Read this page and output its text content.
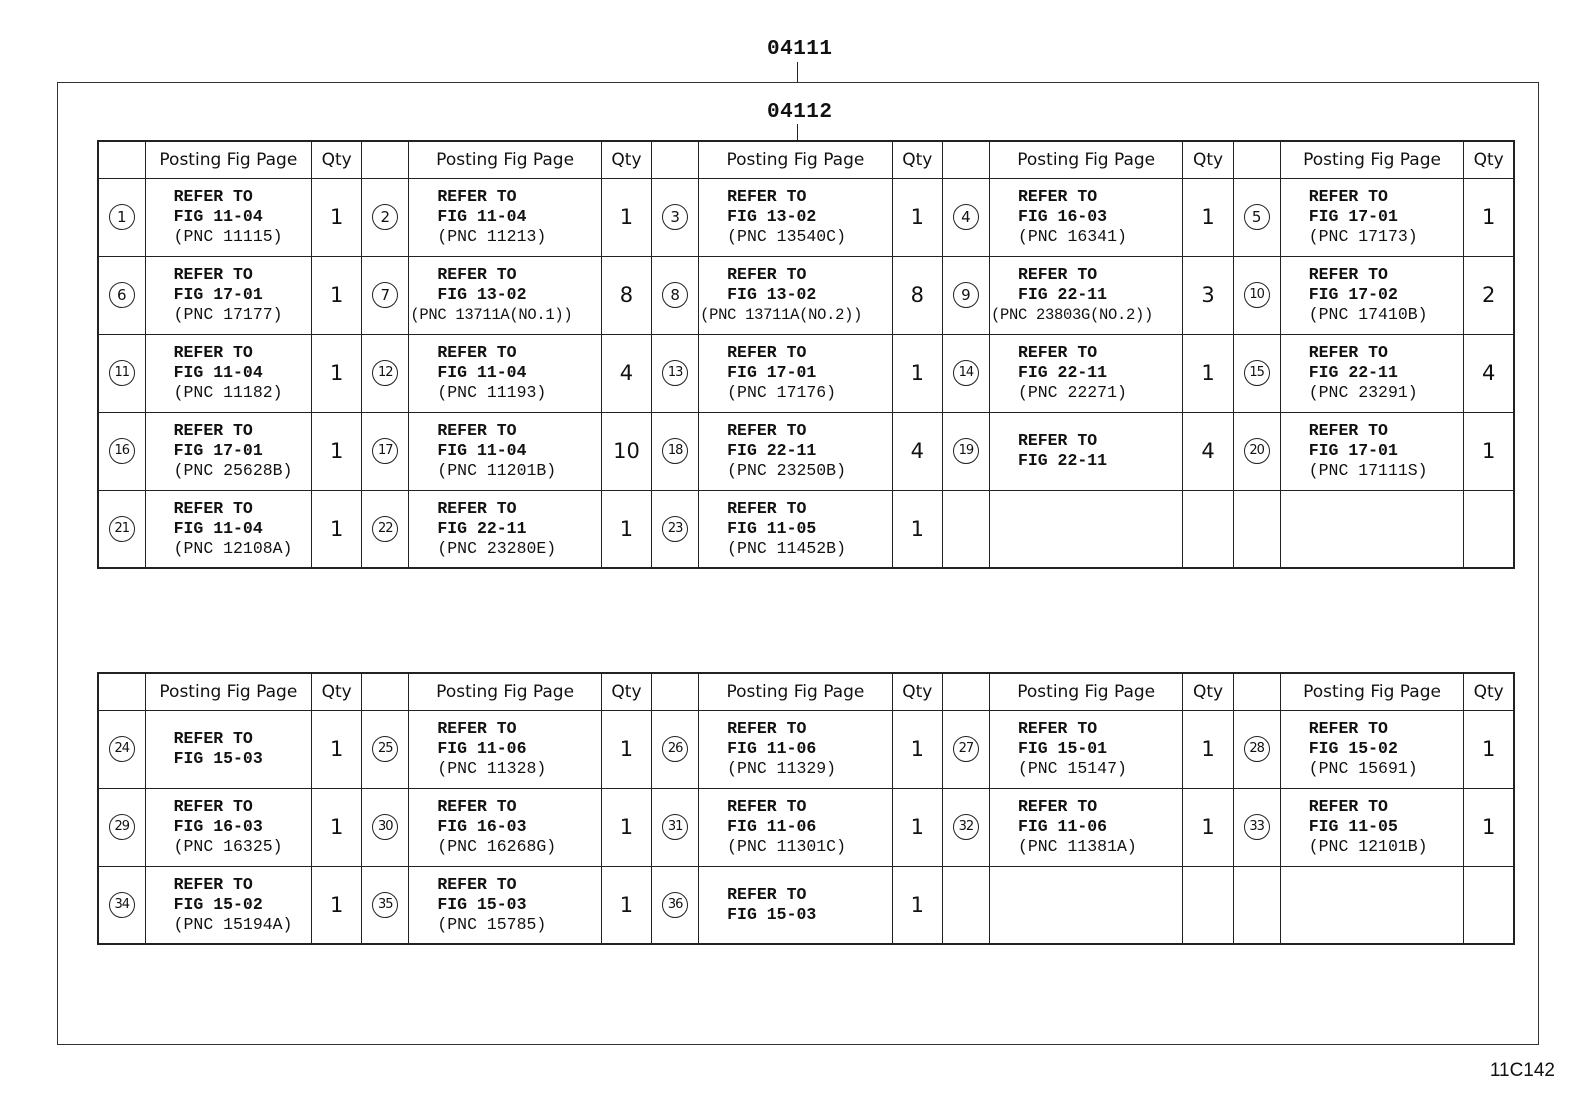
04111
04112
	Posting Fig Page	Qty		Posting Fig Page	Qty		Posting Fig Page	Qty		Posting Fig Page	Qty		Posting Fig Page	Qty
1	REFER TO
FIG 11-04
(PNC 11115)	1	2	REFER TO
FIG 11-04
(PNC 11213)	1	3	REFER TO
FIG 13-02
(PNC 13540C)	1	4	REFER TO
FIG 16-03
(PNC 16341)	1	5	REFER TO
FIG 17-01
(PNC 17173)	1
6	REFER TO
FIG 17-01
(PNC 17177)	1	7	REFER TO
FIG 13-02
(PNC 13711A(NO.1))	8	8	REFER TO
FIG 13-02
(PNC 13711A(NO.2))	8	9	REFER TO
FIG 22-11
(PNC 23803G(NO.2))	3	10	REFER TO
FIG 17-02
(PNC 17410B)	2
11	REFER TO
FIG 11-04
(PNC 11182)	1	12	REFER TO
FIG 11-04
(PNC 11193)	4	13	REFER TO
FIG 17-01
(PNC 17176)	1	14	REFER TO
FIG 22-11
(PNC 22271)	1	15	REFER TO
FIG 22-11
(PNC 23291)	4
16	REFER TO
FIG 17-01
(PNC 25628B)	1	17	REFER TO
FIG 11-04
(PNC 11201B)	10	18	REFER TO
FIG 22-11
(PNC 23250B)	4	19	REFER TO
FIG 22-11	4	20	REFER TO
FIG 17-01
(PNC 17111S)	1
21	REFER TO
FIG 11-04
(PNC 12108A)	1	22	REFER TO
FIG 22-11
(PNC 23280E)	1	23	REFER TO
FIG 11-05
(PNC 11452B)	1						
	Posting Fig Page	Qty		Posting Fig Page	Qty		Posting Fig Page	Qty		Posting Fig Page	Qty		Posting Fig Page	Qty
24	REFER TO
FIG 15-03	1	25	REFER TO
FIG 11-06
(PNC 11328)	1	26	REFER TO
FIG 11-06
(PNC 11329)	1	27	REFER TO
FIG 15-01
(PNC 15147)	1	28	REFER TO
FIG 15-02
(PNC 15691)	1
29	REFER TO
FIG 16-03
(PNC 16325)	1	30	REFER TO
FIG 16-03
(PNC 16268G)	1	31	REFER TO
FIG 11-06
(PNC 11301C)	1	32	REFER TO
FIG 11-06
(PNC 11381A)	1	33	REFER TO
FIG 11-05
(PNC 12101B)	1
34	REFER TO
FIG 15-02
(PNC 15194A)	1	35	REFER TO
FIG 15-03
(PNC 15785)	1	36	REFER TO
FIG 15-03	1						
11C142
